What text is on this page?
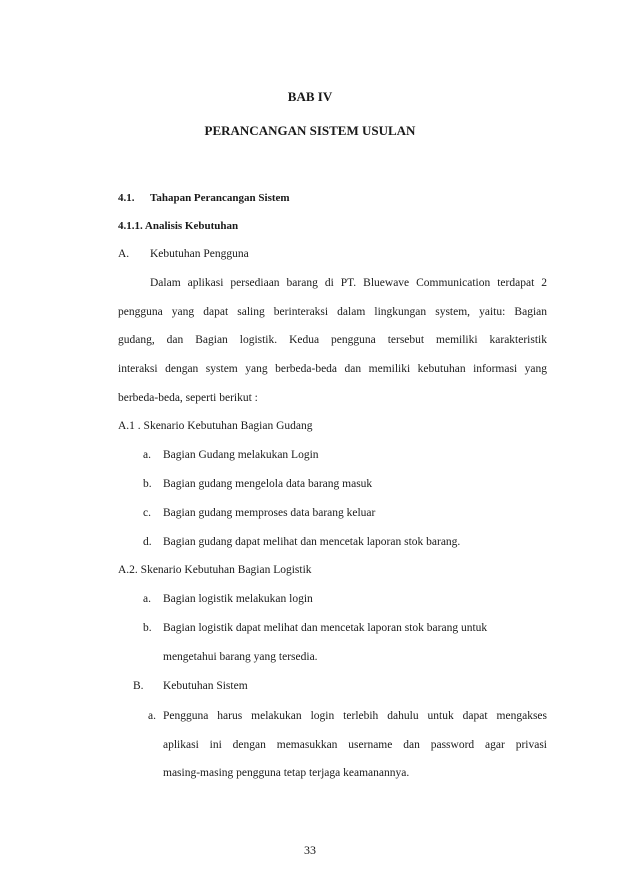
BAB IV
PERANCANGAN SISTEM USULAN
4.1. Tahapan Perancangan Sistem
4.1.1. Analisis Kebutuhan
A. Kebutuhan Pengguna
Dalam aplikasi persediaan barang di PT. Bluewave Communication terdapat 2
pengguna yang dapat saling berinteraksi dalam lingkungan system, yaitu: Bagian
gudang, dan Bagian logistik. Kedua pengguna tersebut memiliki karakteristik
interaksi dengan system yang berbeda-beda dan memiliki kebutuhan informasi yang
berbeda-beda, seperti berikut :
A.1 . Skenario Kebutuhan Bagian Gudang
a. Bagian Gudang melakukan Login
b. Bagian gudang mengelola data barang masuk
c. Bagian gudang memproses data barang keluar
d. Bagian gudang dapat melihat dan mencetak laporan stok barang.
A.2. Skenario Kebutuhan Bagian Logistik
a. Bagian logistik melakukan login
b. Bagian logistik dapat melihat dan mencetak laporan stok barang untuk
mengetahui barang yang tersedia.
B. Kebutuhan Sistem
a. Pengguna harus melakukan login terlebih dahulu untuk dapat mengakses
aplikasi ini dengan memasukkan username dan password agar privasi
masing-masing pengguna tetap terjaga keamanannya.
33
